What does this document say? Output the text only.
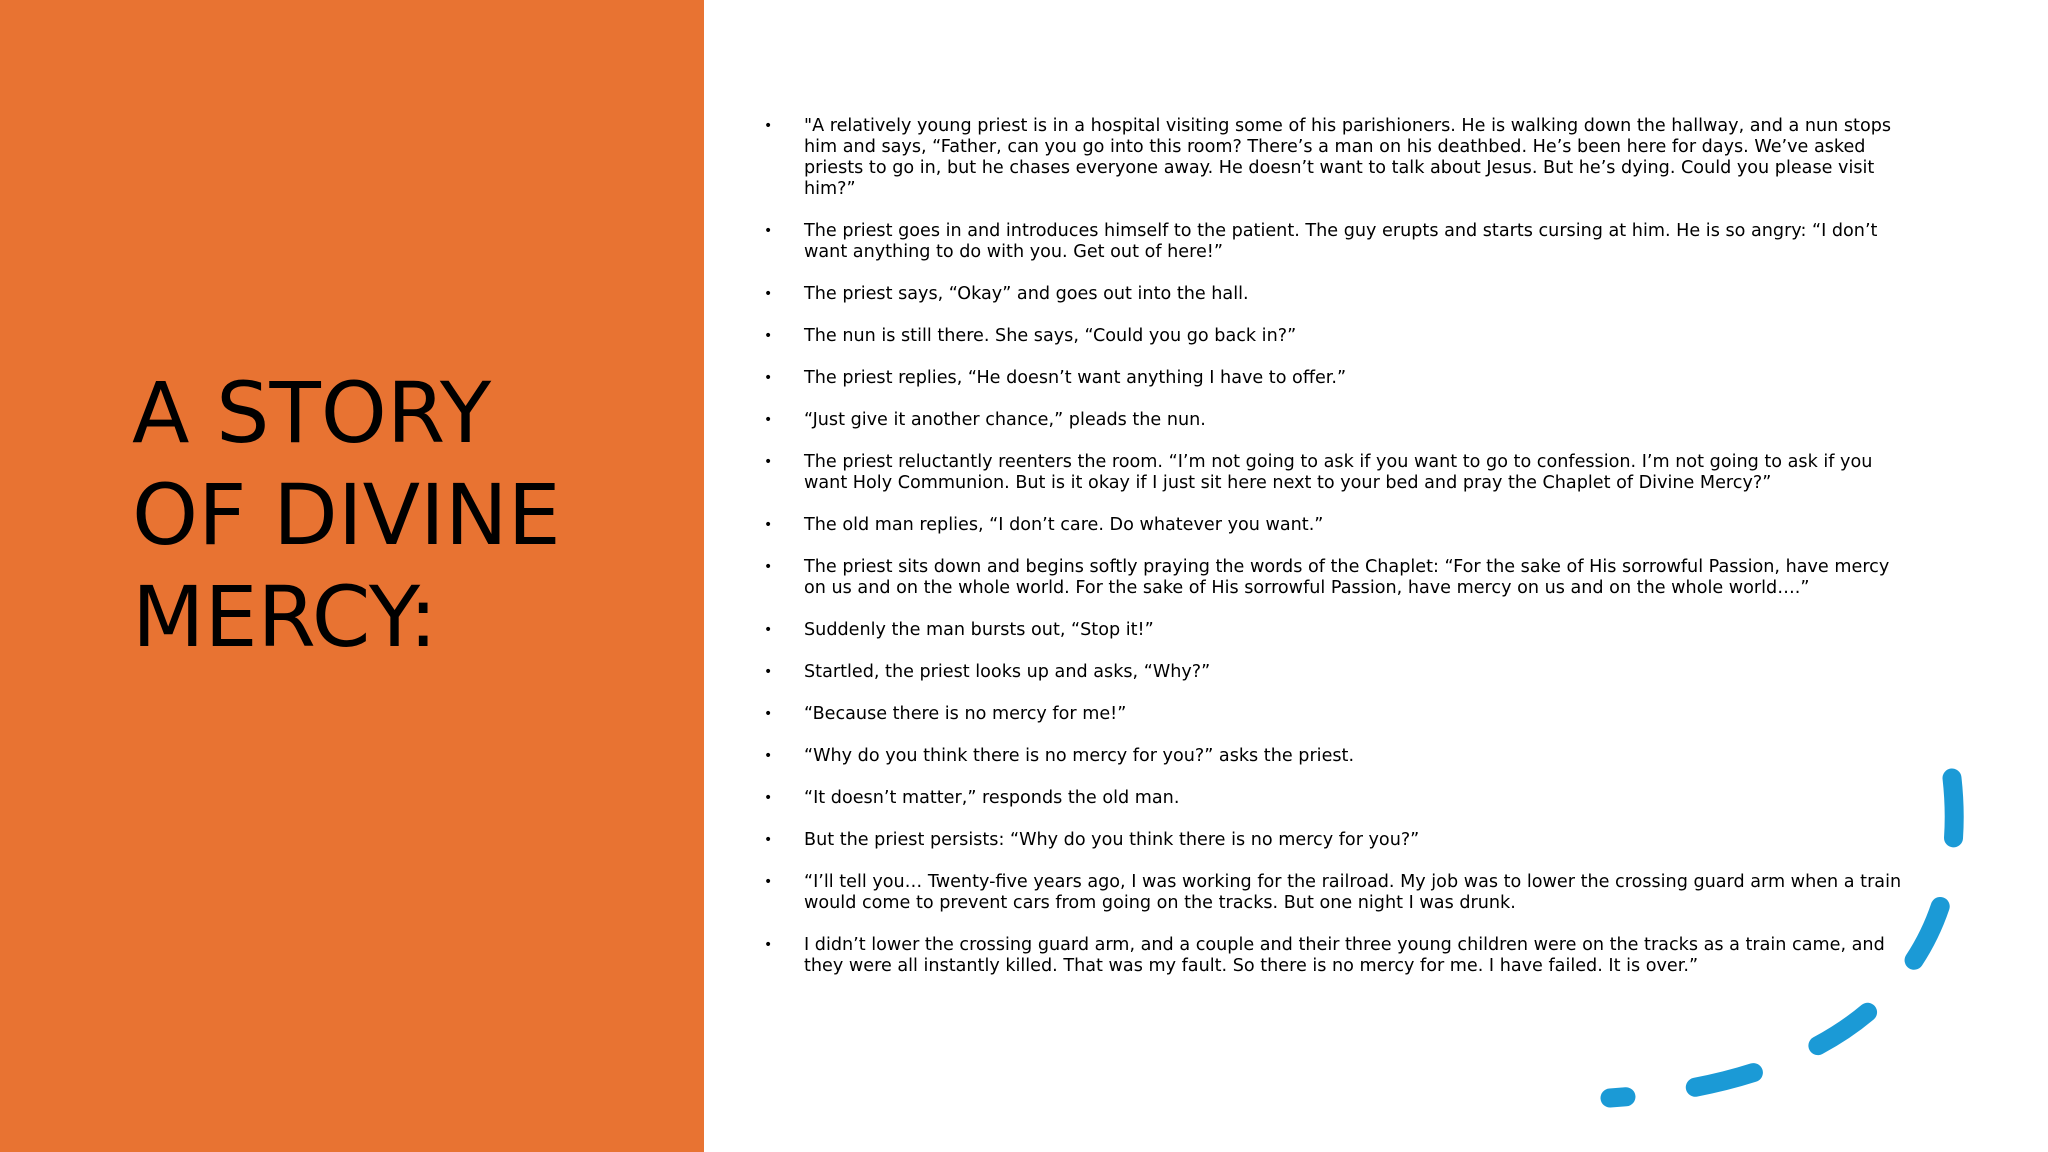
A STORY
OF DIVINE
MERCY:
•	"A relatively young priest is in a hospital visiting some of his parishioners. He is walking down the hallway, and a nun stops him and says, “Father, can you go into this room? There’s a man on his deathbed. He’s been here for days. We’ve asked priests to go in, but he chases everyone away. He doesn’t want to talk about Jesus. But he’s dying. Could you please visit him?”
•	The priest goes in and introduces himself to the patient. The guy erupts and starts cursing at him. He is so angry: “I don’t want anything to do with you. Get out of here!”
•	The priest says, “Okay” and goes out into the hall.
•	The nun is still there. She says, “Could you go back in?”
•	The priest replies, “He doesn’t want anything I have to offer.”
•	“Just give it another chance,” pleads the nun.
•	The priest reluctantly reenters the room. “I’m not going to ask if you want to go to confession. I’m not going to ask if you want Holy Communion. But is it okay if I just sit here next to your bed and pray the Chaplet of Divine Mercy?”
•	The old man replies, “I don’t care. Do whatever you want.”
•	The priest sits down and begins softly praying the words of the Chaplet: “For the sake of His sorrowful Passion, have mercy on us and on the whole world. For the sake of His sorrowful Passion, have mercy on us and on the whole world….”
•	Suddenly the man bursts out, “Stop it!”
•	Startled, the priest looks up and asks, “Why?”
•	“Because there is no mercy for me!”
•	“Why do you think there is no mercy for you?” asks the priest.
•	“It doesn’t matter,” responds the old man.
•	But the priest persists: “Why do you think there is no mercy for you?”
•	“I’ll tell you… Twenty-five years ago, I was working for the railroad. My job was to lower the crossing guard arm when a train would come to prevent cars from going on the tracks. But one night I was drunk.
•	I didn’t lower the crossing guard arm, and a couple and their three young children were on the tracks as a train came, and they were all instantly killed. That was my fault. So there is no mercy for me. I have failed. It is over.”
